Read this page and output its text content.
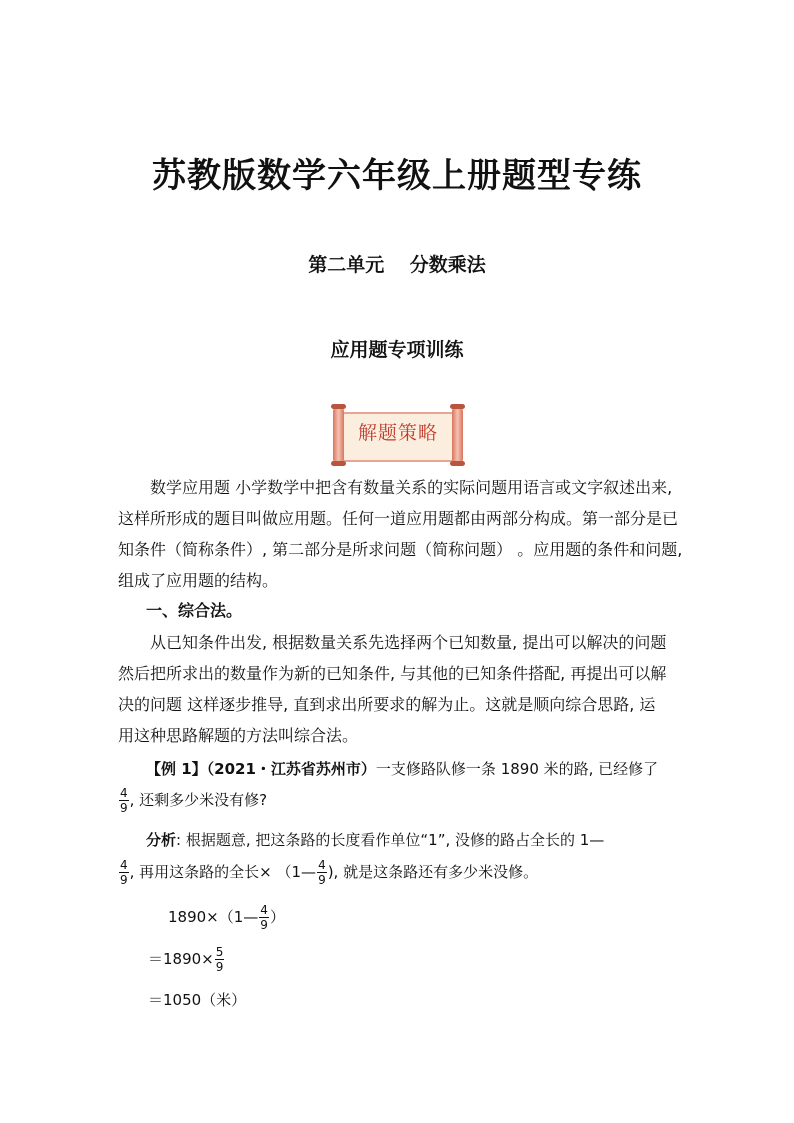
苏教版数学六年级上册题型专练
第二单元　 分数乘法
应用题专项训练
解题策略
数学应用题 小学数学中把含有数量关系的实际问题用语言或文字叙述出来,
这样所形成的题目叫做应用题。任何一道应用题都由两部分构成。第一部分是已
知条件（简称条件）, 第二部分是所求问题（简称问题） 。应用题的条件和问题,
组成了应用题的结构。
一、综合法。
从已知条件出发, 根据数量关系先选择两个已知数量, 提出可以解决的问题
然后把所求出的数量作为新的已知条件, 与其他的已知条件搭配, 再提出可以解
决的问题 这样逐步推导, 直到求出所要求的解为止。这就是顺向综合思路, 运
用这种思路解题的方法叫综合法。
【例 1】（2021・江苏省苏州市）一支修路队修一条 1890 米的路, 已经修了
$\frac{4}{9}$ , 还剩多少米没有修?
分析: 根据题意, 把这条路的长度看作单位“1”, 没修的路占全长的 1—
$\frac{4}{9}$ , 再用这条路的全长× （1— $\frac{4}{9}$ ), 就是这条路还有多少米没修。
1890×（1— $\frac{4}{9}$ ）
$=1890\times \frac{5}{9}$
＝1050（米）
